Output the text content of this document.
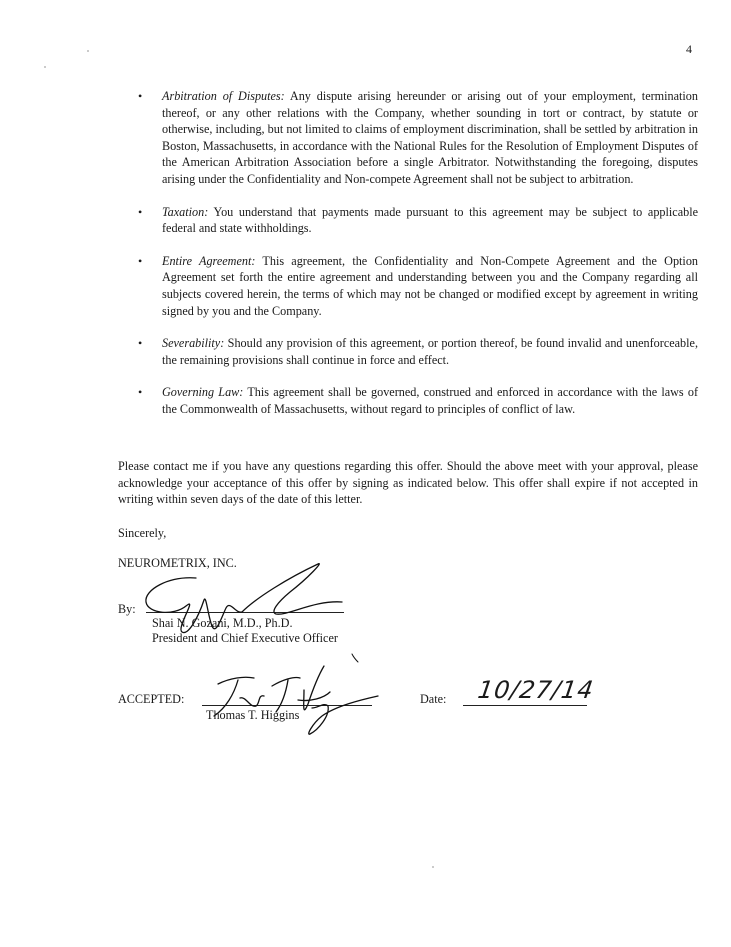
4
• Arbitration of Disputes: Any dispute arising hereunder or arising out of your employment, termination thereof, or any other relations with the Company, whether sounding in tort or contract, by statute or otherwise, including, but not limited to claims of employment discrimination, shall be settled by arbitration in Boston, Massachusetts, in accordance with the National Rules for the Resolution of Employment Disputes of the American Arbitration Association before a single Arbitrator. Notwithstanding the foregoing, disputes arising under the Confidentiality and Non-compete Agreement shall not be subject to arbitration.
• Taxation: You understand that payments made pursuant to this agreement may be subject to applicable federal and state withholdings.
• Entire Agreement: This agreement, the Confidentiality and Non-Compete Agreement and the Option Agreement set forth the entire agreement and understanding between you and the Company regarding all subjects covered herein, the terms of which may not be changed or modified except by agreement in writing signed by you and the Company.
• Severability: Should any provision of this agreement, or portion thereof, be found invalid and unenforceable, the remaining provisions shall continue in force and effect.
• Governing Law: This agreement shall be governed, construed and enforced in accordance with the laws of the Commonwealth of Massachusetts, without regard to principles of conflict of law.

Please contact me if you have any questions regarding this offer. Should the above meet with your approval, please acknowledge your acceptance of this offer by signing as indicated below. This offer shall expire if not accepted in writing within seven days of the date of this letter.

Sincerely,
NEUROMETRIX, INC.
By:
Shai N. Gozani, M.D., Ph.D.
President and Chief Executive Officer
ACCEPTED:
Thomas T. Higgins
Date: 10/27/14
